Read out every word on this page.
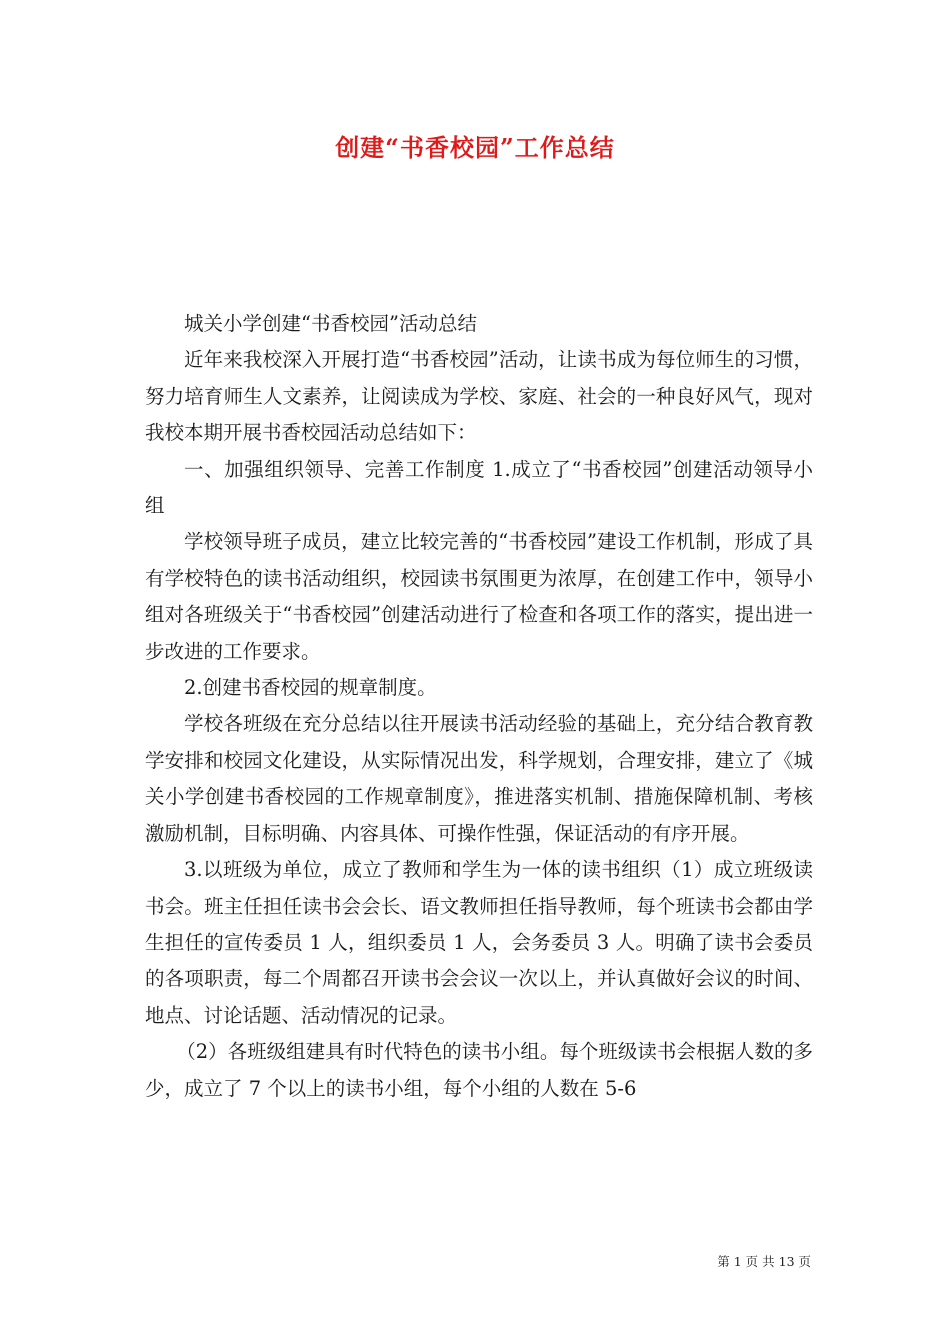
创建“书香校园”工作总结

城关小学创建“书香校园”活动总结

近年来我校深入开展打造“书香校园”活动，让读书成为每位师生的习惯，努力培育师生人文素养，让阅读成为学校、家庭、社会的一种良好风气，现对我校本期开展书香校园活动总结如下：

一、加强组织领导、完善工作制度 1.成立了“书香校园”创建活动领导小组

学校领导班子成员，建立比较完善的“书香校园”建设工作机制，形成了具有学校特色的读书活动组织，校园读书氛围更为浓厚，在创建工作中，领导小组对各班级关于“书香校园”创建活动进行了检查和各项工作的落实，提出进一步改进的工作要求。

2.创建书香校园的规章制度。

学校各班级在充分总结以往开展读书活动经验的基础上，充分结合教育教学安排和校园文化建设，从实际情况出发，科学规划，合理安排，建立了《城关小学创建书香校园的工作规章制度》，推进落实机制、措施保障机制、考核激励机制，目标明确、内容具体、可操作性强，保证活动的有序开展。

3.以班级为单位，成立了教师和学生为一体的读书组织（1）成立班级读书会。班主任担任读书会会长、语文教师担任指导教师，每个班读书会都由学生担任的宣传委员 1 人，组织委员 1 人，会务委员 3 人。明确了读书会委员的各项职责，每二个周都召开读书会会议一次以上，并认真做好会议的时间、地点、讨论话题、活动情况的记录。

（2）各班级组建具有时代特色的读书小组。每个班级读书会根据人数的多少，成立了 7 个以上的读书小组，每个小组的人数在 5-6

第 1 页 共 13 页
